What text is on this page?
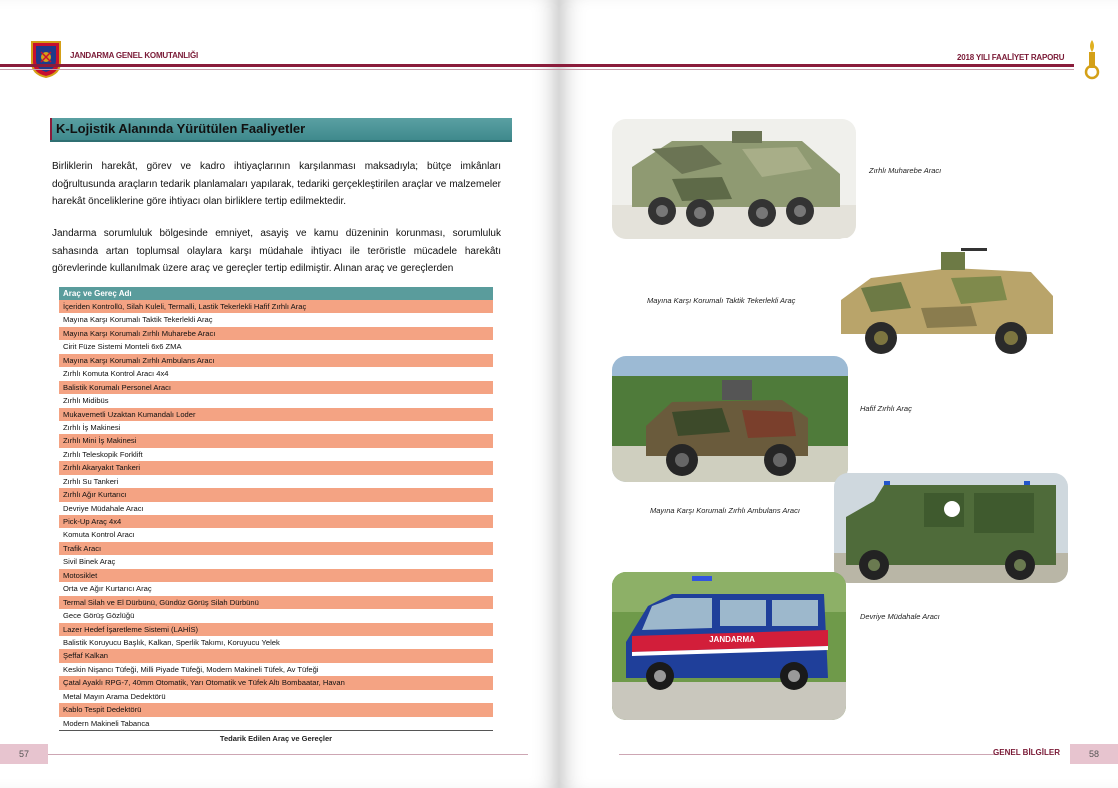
JANDARMA GENEL KOMUTANLIĞI
K-Lojistik Alanında Yürütülen Faaliyetler
Birliklerin harekât, görev ve kadro ihtiyaçlarının karşılanması maksadıyla; bütçe imkânları doğrultusunda araçların tedarik planlamaları yapılarak, tedariki gerçekleştirilen araçlar ve malzemeler harekât önceliklerine göre ihtiyacı olan birliklere tertip edilmektedir.
Jandarma sorumluluk bölgesinde emniyet, asayiş ve kamu düzeninin korunması, sorumluluk sahasında artan toplumsal olaylara karşı müdahale ihtiyacı ile teröristle mücadele harekâtı görevlerinde kullanılmak üzere araç ve gereçler tertip edilmiştir. Alınan araç ve gereçlerden
Araç ve Gereç Adı
İçeriden Kontrollü, Silah Kuleli, Termalli, Lastik Tekerlekli Hafif Zırhlı Araç
Mayına Karşı Korumalı Taktik Tekerlekli Araç
Mayına Karşı Korumalı Zırhlı Muharebe Aracı
Cirit Füze Sistemi Monteli 6x6 ZMA
Mayına Karşı Korumalı Zırhlı Ambulans Aracı
Zırhlı Komuta Kontrol Aracı 4x4
Balistik Korumalı Personel Aracı
Zırhlı Midibüs
Mukavemetli Uzaktan Kumandalı Loder
Zırhlı İş Makinesi
Zırhlı Mini İş Makinesi
Zırhlı Teleskopik Forklift
Zırhlı Akaryakıt Tankeri
Zırhlı Su Tankeri
Zırhlı Ağır Kurtarıcı
Devriye Müdahale Aracı
Pick-Up Araç 4x4
Komuta Kontrol Aracı
Trafik Aracı
Sivil Binek Araç
Motosiklet
Orta ve Ağır Kurtarıcı Araç
Termal Silah ve El Dürbünü, Gündüz Görüş Silah Dürbünü
Gece Görüş Gözlüğü
Lazer Hedef İşaretleme Sistemi (LAHİS)
Balistik Koruyucu Başlık, Kalkan, Sperlik Takımı, Koruyucu Yelek
Şeffaf Kalkan
Keskin Nişancı Tüfeği, Milli Piyade Tüfeği, Modern Makineli Tüfek, Av Tüfeği
Çatal Ayaklı RPG-7, 40mm Otomatik, Yarı Otomatik ve Tüfek Altı Bombaatar, Havan
Metal Mayın Arama Dedektörü
Kablo Tespit Dedektörü
Modern Makineli Tabanca
Tedarik Edilen Araç ve Gereçler
57
2018 YILI FAALİYET RAPORU
Zırhlı Muharebe Aracı
Mayına Karşı Korumalı Taktik Tekerlekli Araç
Hafif Zırhlı Araç
Mayına Karşı Korumalı Zırhlı Ambulans Aracı
JANDARMA
Devriye Müdahale Aracı
GENEL BİLGİLER	58
